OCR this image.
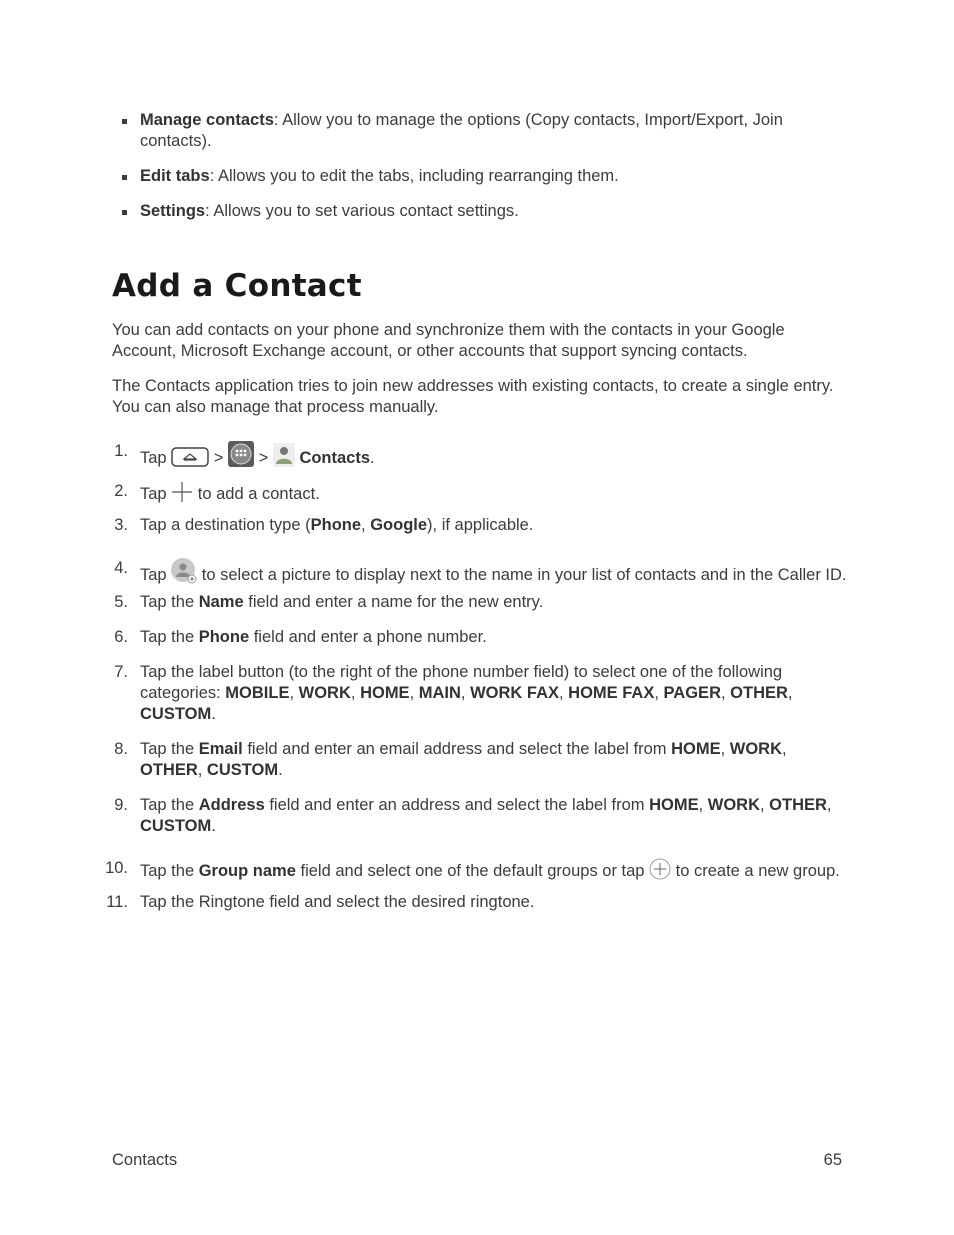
Manage contacts: Allow you to manage the options (Copy contacts, Import/Export, Join contacts).
Edit tabs: Allows you to edit the tabs, including rearranging them.
Settings: Allows you to set various contact settings.
Add a Contact

You can add contacts on your phone and synchronize them with the contacts in your Google Account, Microsoft Exchange account, or other accounts that support syncing contacts.

The Contacts application tries to join new addresses with existing contacts, to create a single entry. You can also manage that process manually.

1. Tap	> > Contacts.
2. Tap  to add a contact.
3. Tap a destination type (Phone, Google), if applicable.
4. Tap  to select a picture to display next to the name in your list of contacts and in the Caller ID.
5. Tap the Name field and enter a name for the new entry.
6. Tap the Phone field and enter a phone number.
7. Tap the label button (to the right of the phone number field) to select one of the following categories: MOBILE, WORK, HOME, MAIN, WORK FAX, HOME FAX, PAGER, OTHER, CUSTOM.
8. Tap the Email field and enter an email address and select the label from HOME, WORK, OTHER, CUSTOM.
9. Tap the Address field and enter an address and select the label from HOME, WORK, OTHER, CUSTOM.
10. Tap the Group name field and select one of the default groups or tap  to create a new group.
11. Tap the Ringtone field and select the desired ringtone.
Contacts	65
